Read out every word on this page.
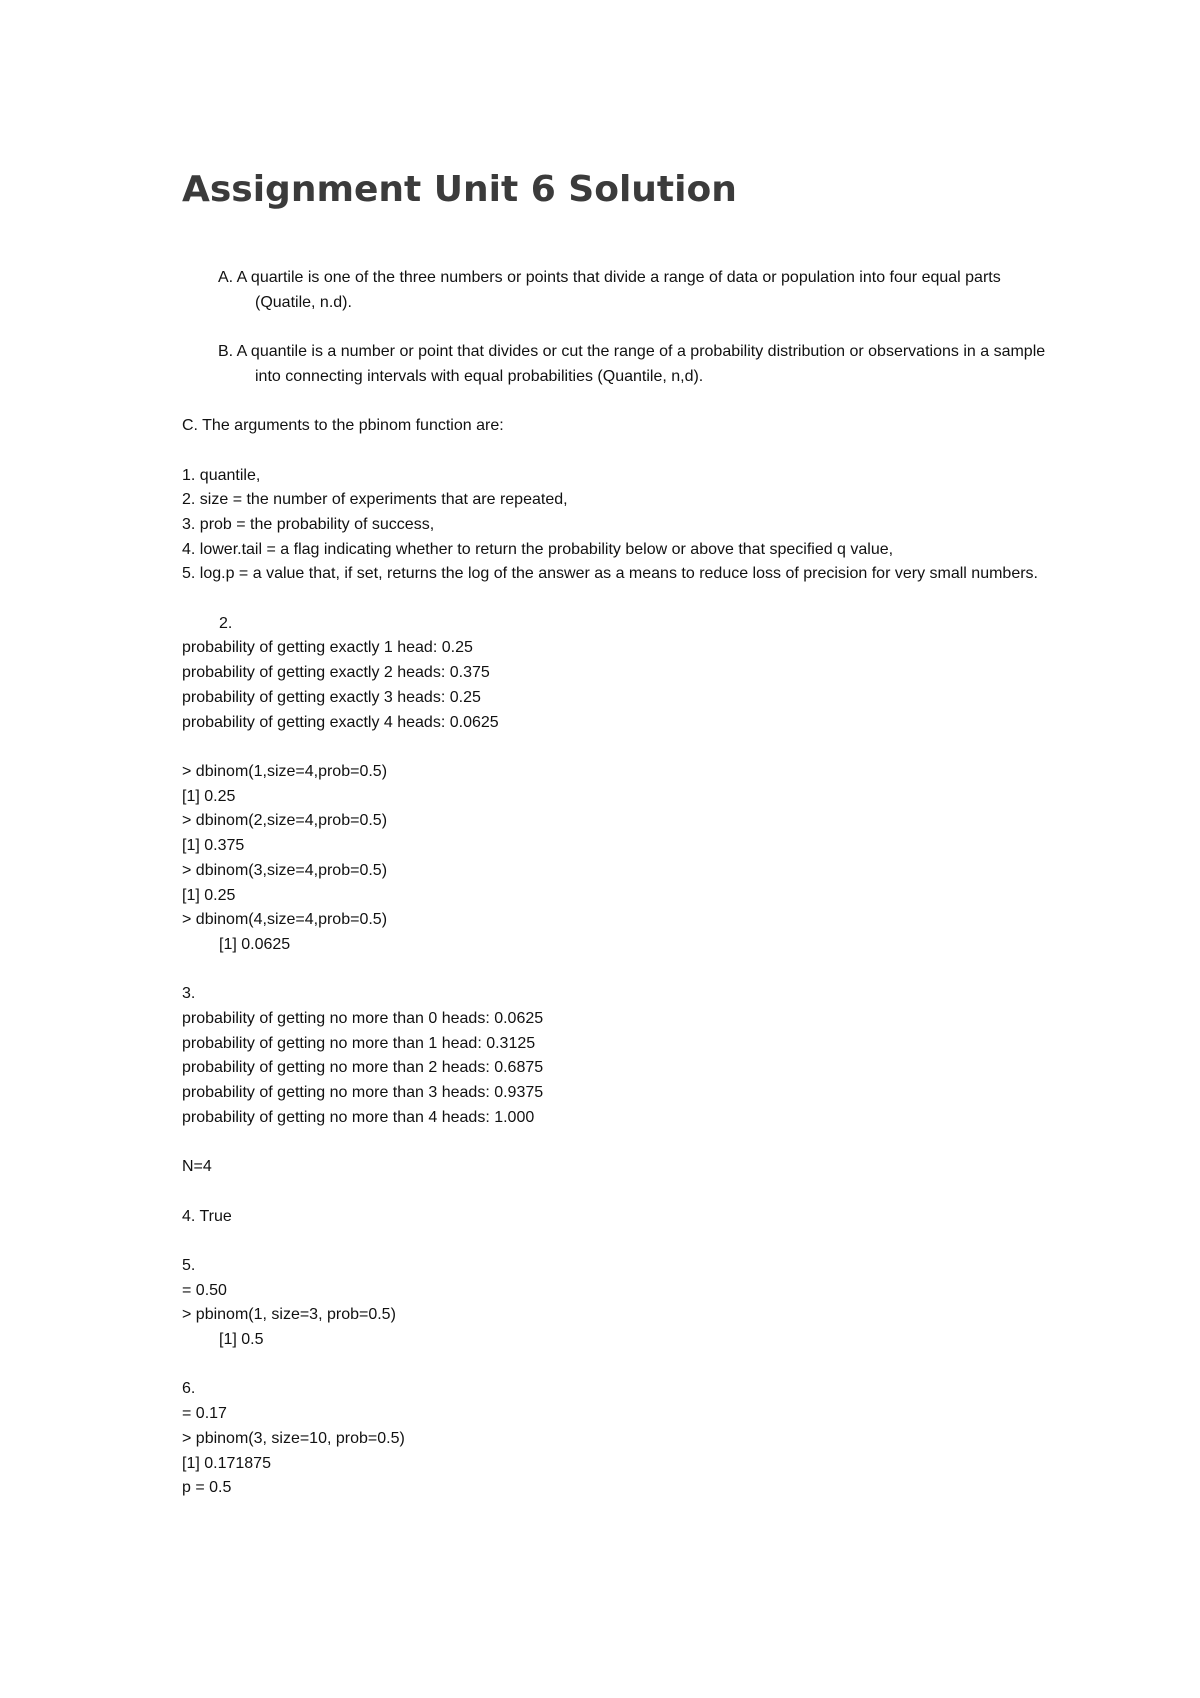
Assignment Unit 6 Solution
A. A quartile is one of the three numbers or points that divide a range of data or population into four equal parts (Quatile, n.d).
B. A quantile is a number or point that divides or cut the range of a probability distribution or observations in a sample into connecting intervals with equal probabilities (Quantile, n,d).
C. The arguments to the pbinom function are:
1. quantile,
2. size = the number of experiments that are repeated,
3. prob = the probability of success,
4. lower.tail = a flag indicating whether to return the probability below or above that specified q value,
5. log.p = a value that, if set, returns the log of the answer as a means to reduce loss of precision for very small numbers.
2.
probability of getting exactly 1 head: 0.25
probability of getting exactly 2 heads: 0.375
probability of getting exactly 3 heads: 0.25
probability of getting exactly 4 heads: 0.0625
> dbinom(1,size=4,prob=0.5)
[1] 0.25
> dbinom(2,size=4,prob=0.5)
[1] 0.375
> dbinom(3,size=4,prob=0.5)
[1] 0.25
> dbinom(4,size=4,prob=0.5)
[1] 0.0625
3.
probability of getting no more than 0 heads: 0.0625
probability of getting no more than 1 head: 0.3125
probability of getting no more than 2 heads: 0.6875
probability of getting no more than 3 heads: 0.9375
probability of getting no more than 4 heads: 1.000
N=4
4. True
5.
= 0.50
> pbinom(1, size=3, prob=0.5)
[1] 0.5
6.
= 0.17
> pbinom(3, size=10, prob=0.5)
[1] 0.171875
p = 0.5
